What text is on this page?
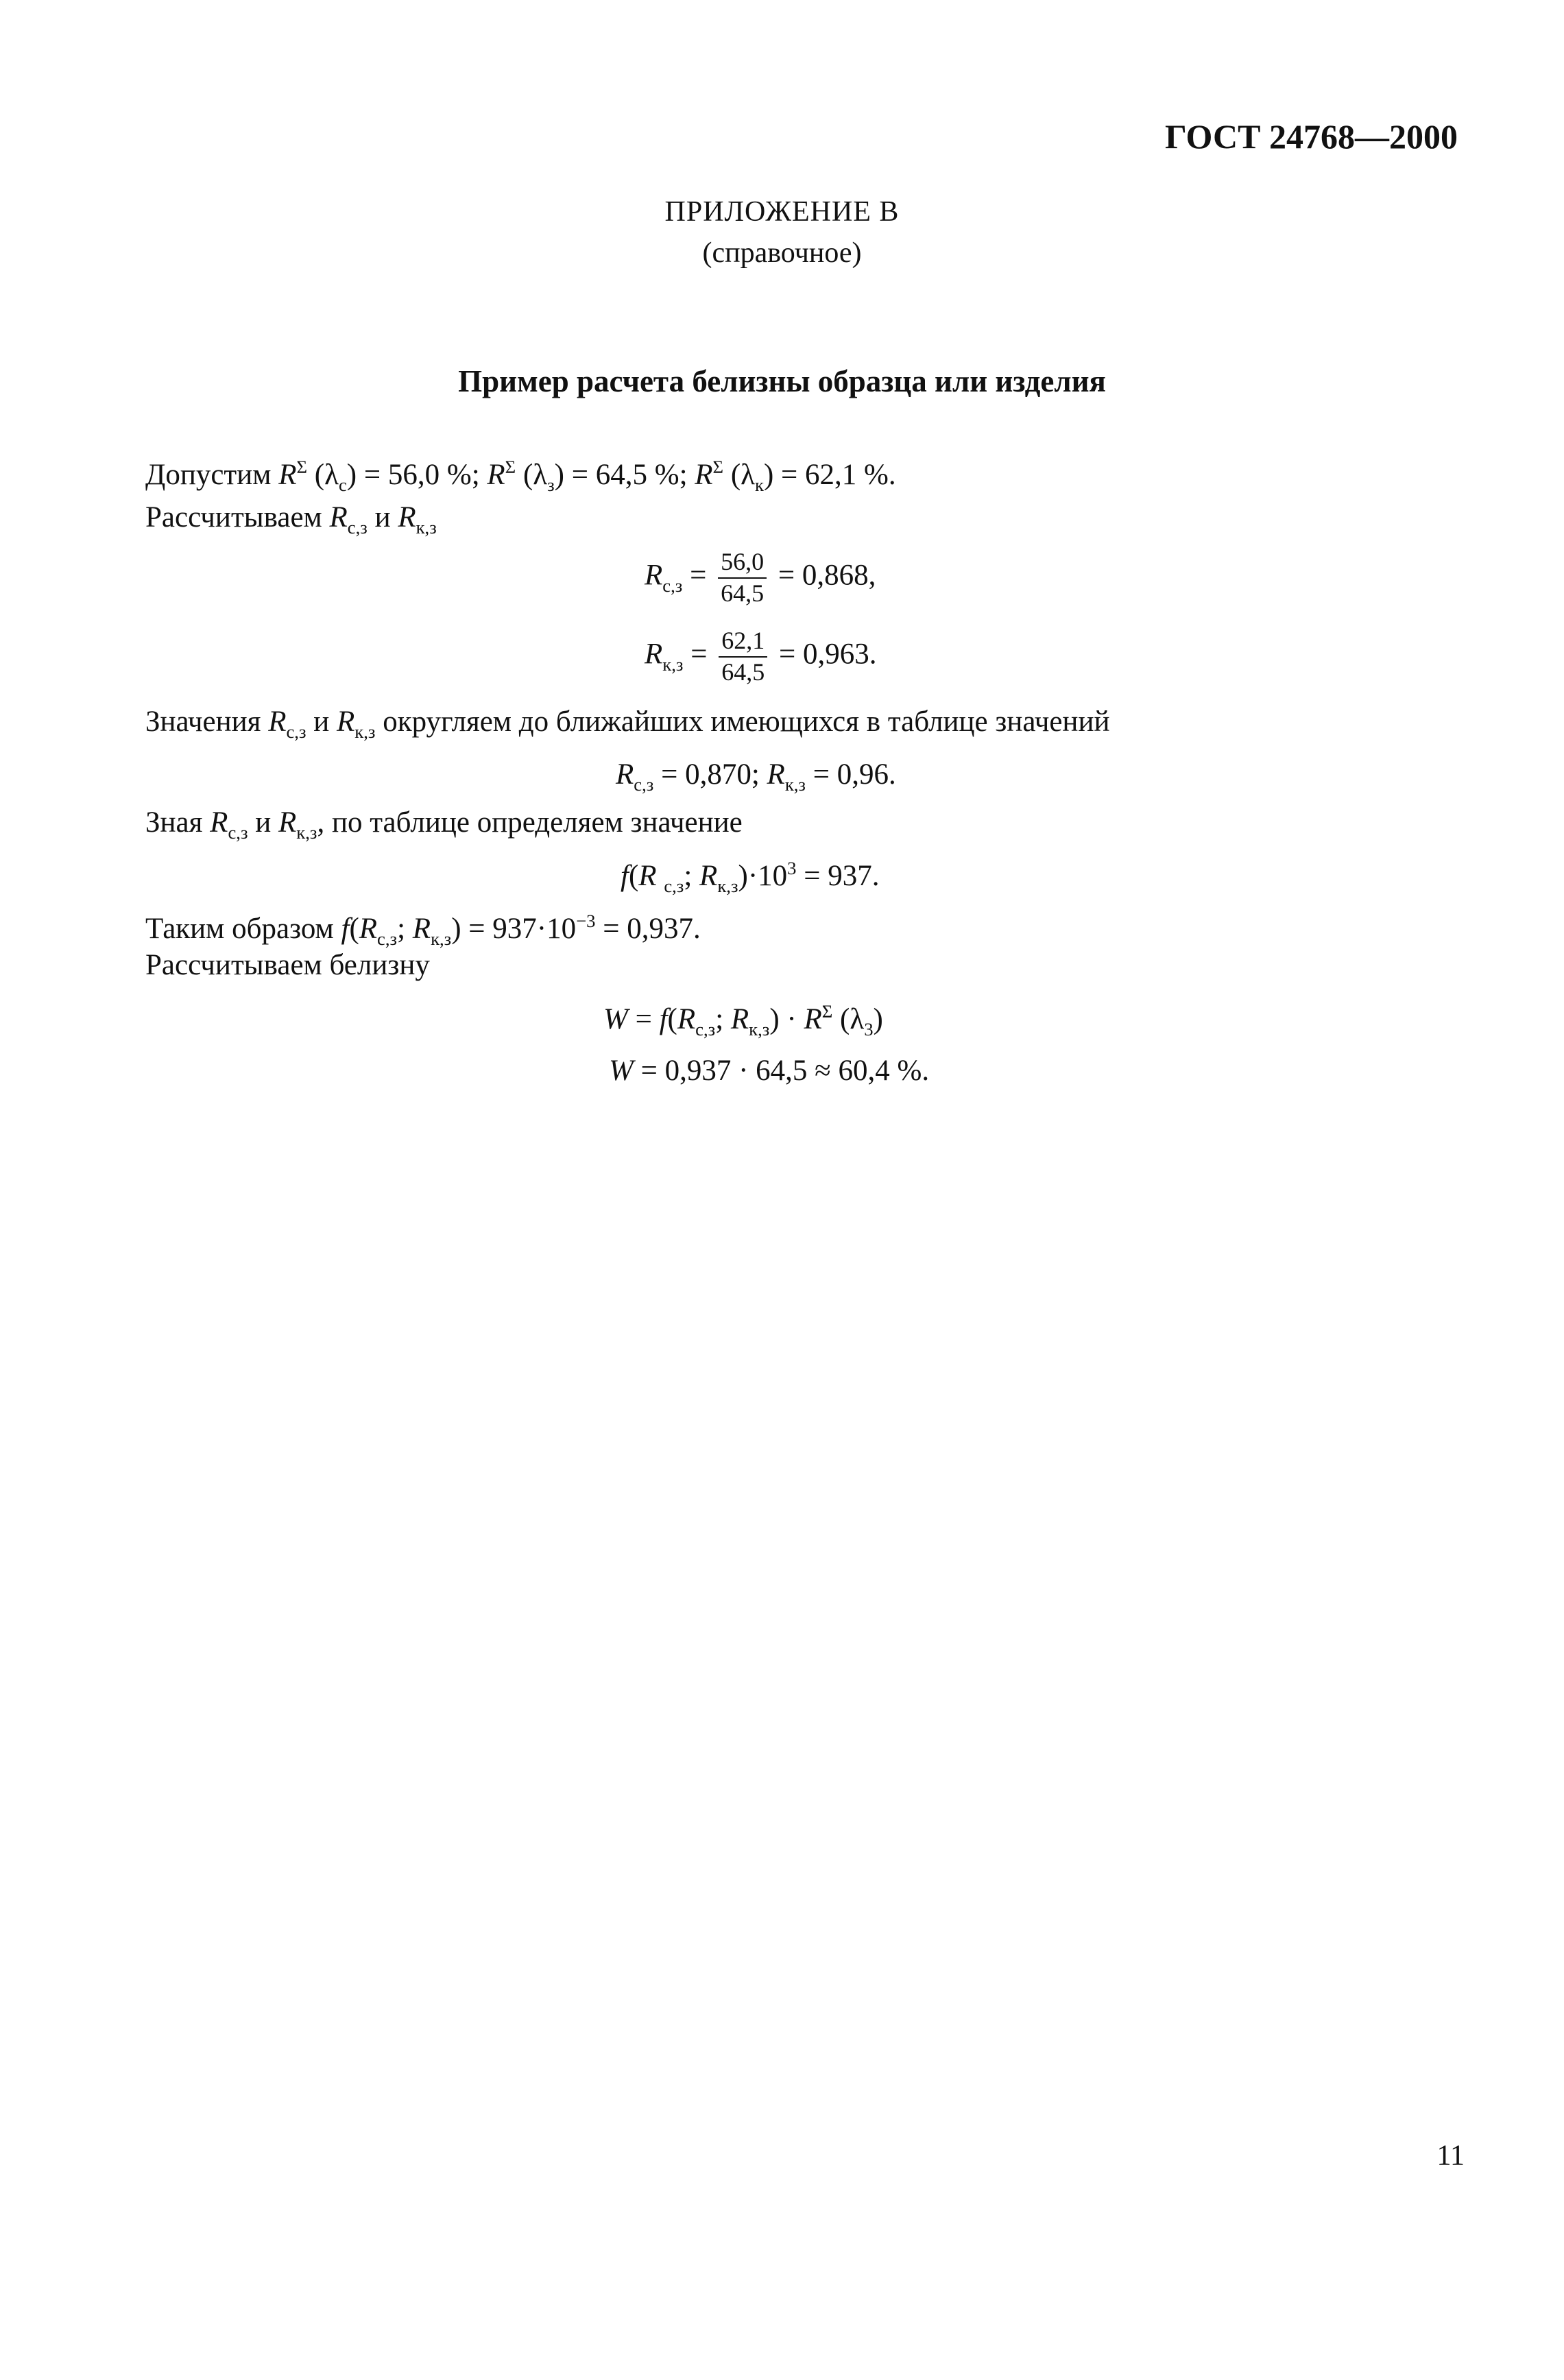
ГОСТ 24768—2000
ПРИЛОЖЕНИЕ В
(справочное)
Пример расчета белизны образца или изделия
Допустим $R^\Sigma$ $(\lambda_с) = 56,0$ %; $R^\Sigma$ $(\lambda_з) = 64,5$ %; $R^\Sigma$ $(\lambda_к) = 62,1$ %.
Рассчитываем $R_{с,з}$ и $R_{к,з}$
$R_{с,з} = \frac{56,0}{64,5} = 0,868$,
$R_{к,з} = \frac{62,1}{64,5} = 0,963$.
Значения $R_{с,з}$ и $R_{к,з}$ округляем до ближайших имеющихся в таблице значений
$R_{с,з} = 0,870$; $R_{к,з} = 0,96$.
Зная $R_{с,з}$ и $R_{к,з}$, по таблице определяем значение
f(R $_{с,з}$; $R_{к,з})\cdot 10^3 = 937$.
Таким образом $f(R_{с,з}$; $R_{к,з}) = 937\cdot 10^{-3} = 0,937$.
Рассчитываем белизну
$W = f(R_{с,з}$; $R_{к,з}) \cdot R^\Sigma$ $(\lambda_3)$
W = 0,937 · 64,5 ≈ 60,4 %.
11
